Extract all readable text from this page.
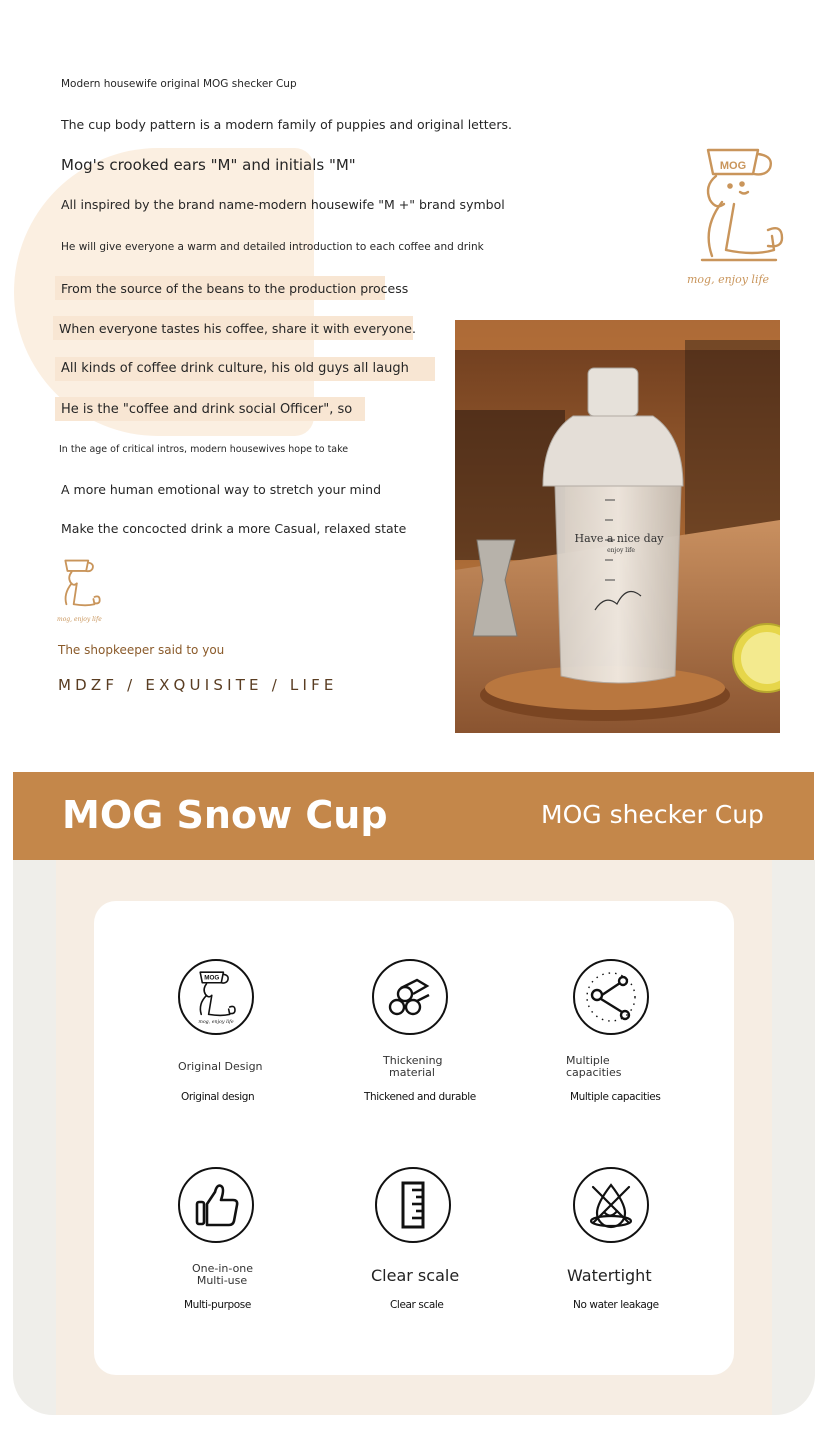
Modern housewife original MOG shecker Cup
The cup body pattern is a modern family of puppies and original letters.
Mog's crooked ears "M" and initials "M"
All inspired by the brand name-modern housewife "M +" brand symbol
He will give everyone a warm and detailed introduction to each coffee and drink
From the source of the beans to the production process
When everyone tastes his coffee, share it with everyone.
All kinds of coffee drink culture, his old guys all laugh
He is the "coffee and drink social Officer", so
In the age of critical intros, modern housewives hope to take
A more human emotional way to stretch your mind
Make the concocted drink a more Casual, relaxed state
mog, enjoy life
The shopkeeper said to you
MDZF / EXQUISITE / LIFE
MOG
mog, enjoy life
Have a nice day
enjoy life
MOG Snow Cup	MOG shecker Cup
MOG
mog, enjoy life
Original Design
Original design
Thickening
material
Thickened and durable
Multiple
capacities
Multiple capacities
One-in-one
Multi-use
Multi-purpose
Clear scale
Clear scale
Watertight
No water leakage
